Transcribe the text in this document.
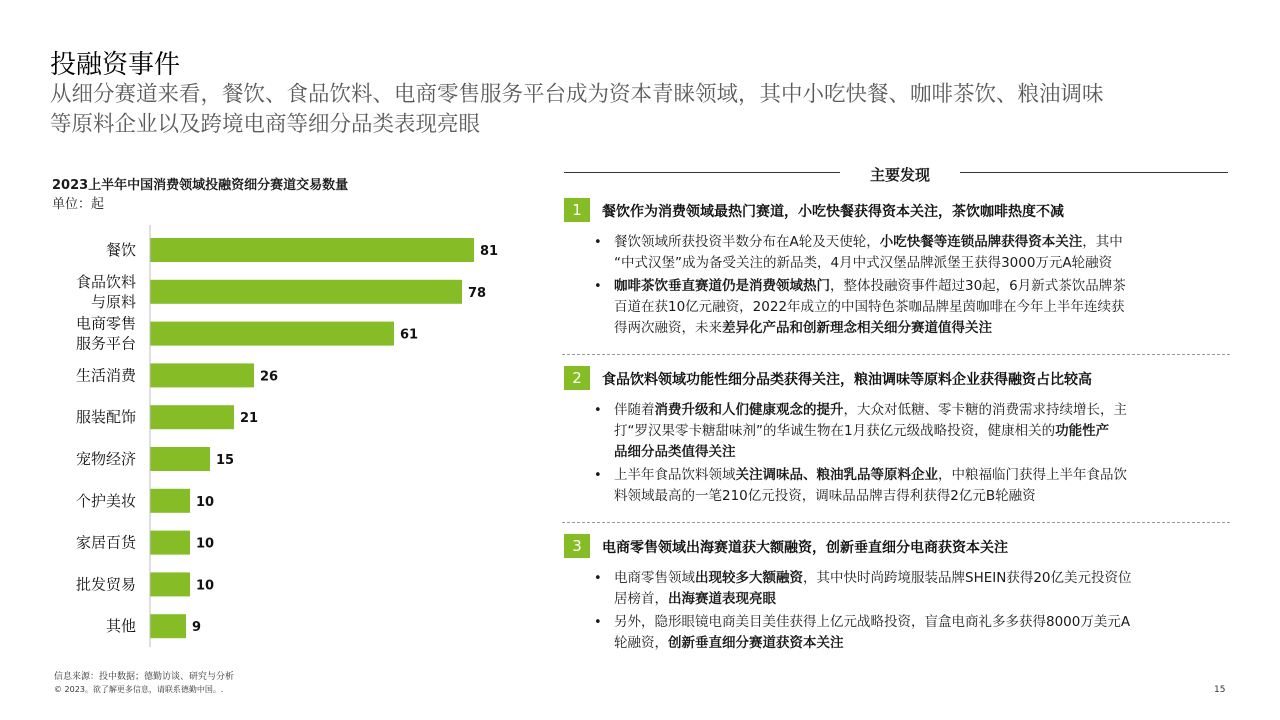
投融资事件
从细分赛道来看，餐饮、食品饮料、电商零售服务平台成为资本青睐领域，其中小吃快餐、咖啡茶饮、粮油调味
等原料企业以及跨境电商等细分品类表现亮眼
2023上半年中国消费领域投融资细分赛道交易数量
单位：起
81
餐饮
78
食品饮料
与原料
61
电商零售
服务平台
26
生活消费
21
服装配饰
15
宠物经济
10
个护美妆
10
家居百货
10
批发贸易
9
其他
主要发现
1	餐饮作为消费领域最热门赛道，小吃快餐获得资本关注，茶饮咖啡热度不减
• 餐饮领域所获投资半数分布在A轮及天使轮，小吃快餐等连锁品牌获得资本关注，其中
“中式汉堡”成为备受关注的新品类，4月中式汉堡品牌派堡王获得3000万元A轮融资
• 咖啡茶饮垂直赛道仍是消费领域热门，整体投融资事件超过30起，6月新式茶饮品牌茶
百道在获10亿元融资，2022年成立的中国特色茶咖品牌星茵咖啡在今年上半年连续获
得两次融资，未来差异化产品和创新理念相关细分赛道值得关注
2	食品饮料领域功能性细分品类获得关注，粮油调味等原料企业获得融资占比较高
• 伴随着消费升级和人们健康观念的提升，大众对低糖、零卡糖的消费需求持续增长，主
打“罗汉果零卡糖甜味剂”的华诚生物在1月获亿元级战略投资，健康相关的功能性产
品细分品类值得关注
• 上半年食品饮料领域关注调味品、粮油乳品等原料企业，中粮福临门获得上半年食品饮
料领域最高的一笔210亿元投资，调味品品牌吉得利获得2亿元B轮融资
3	电商零售领域出海赛道获大额融资，创新垂直细分电商获资本关注
• 电商零售领域出现较多大额融资，其中快时尚跨境服装品牌SHEIN获得20亿美元投资位
居榜首，出海赛道表现亮眼
• 另外，隐形眼镜电商美目美佳获得上亿元战略投资，盲盒电商礼多多获得8000万美元A
轮融资，创新垂直细分赛道获资本关注
信息来源：投中数据；德勤访谈、研究与分析
© 2023。欲了解更多信息，请联系德勤中国。.	15
